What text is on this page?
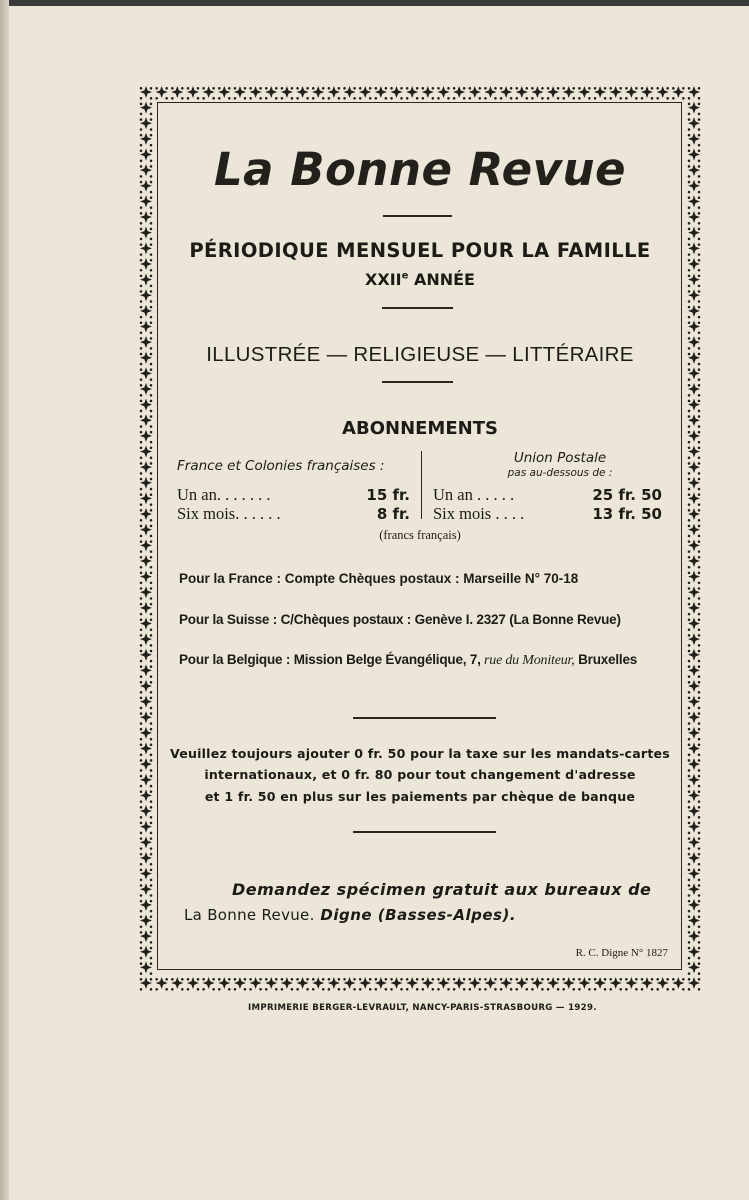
La Bonne Revue
PÉRIODIQUE MENSUEL POUR LA FAMILLE
XXIIe ANNÉE
ILLUSTRÉE — RELIGIEUSE — LITTÉRAIRE
ABONNEMENTS
France et Colonies françaises :	Union Postale
pas au-dessous de :
Un an. . . . . . .	15 fr.
Six mois. . . . . .	8 fr.
Un an . . . . .	25 fr. 50
Six mois . . . .	13 fr. 50
(francs français)
Pour la France : Compte Chèques postaux : Marseille N° 70-18
Pour la Suisse : C/Chèques postaux : Genève I. 2327 (La Bonne Revue)
Pour la Belgique : Mission Belge Évangélique, 7, rue du Moniteur, Bruxelles
Veuillez toujours ajouter 0 fr. 50 pour la taxe sur les mandats-cartes
internationaux, et 0 fr. 80 pour tout changement d'adresse
et 1 fr. 50 en plus sur les paiements par chèque de banque
Demandez spécimen gratuit aux bureaux de
La Bonne Revue. Digne (Basses-Alpes).
R. C. Digne N° 1827
IMPRIMERIE BERGER-LEVRAULT, NANCY-PARIS-STRASBOURG — 1929.
